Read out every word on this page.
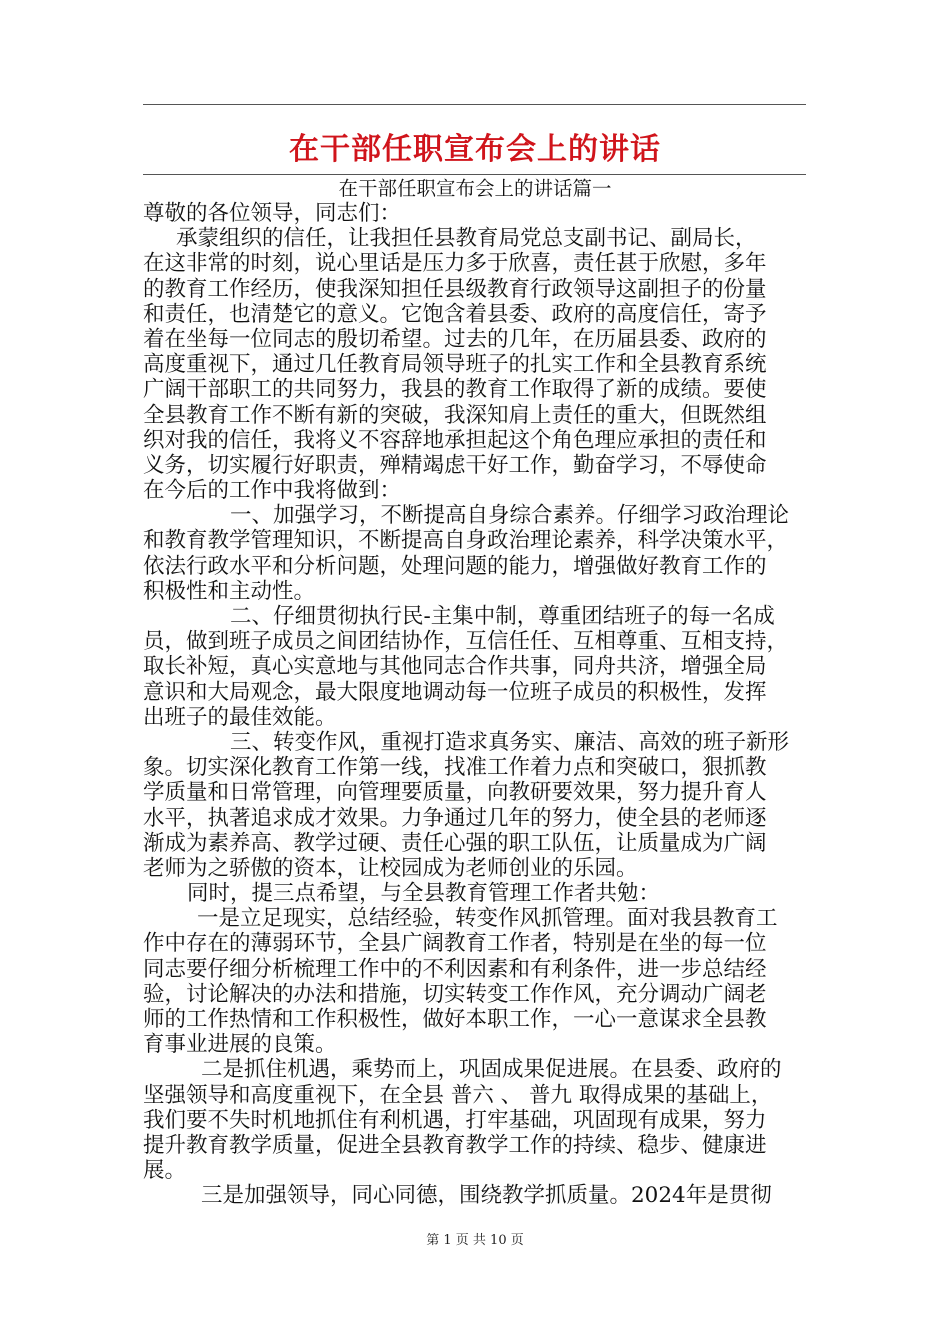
在干部任职宣布会上的讲话
在干部任职宣布会上的讲话篇一
尊敬的各位领导，同志们：
承蒙组织的信任，让我担任县教育局党总支副书记、副局长，
在这非常的时刻，说心里话是压力多于欣喜，责任甚于欣慰，多年
的教育工作经历，使我深知担任县级教育行政领导这副担子的份量
和责任，也清楚它的意义。它饱含着县委、政府的高度信任，寄予
着在坐每一位同志的殷切希望。过去的几年，在历届县委、政府的
高度重视下，通过几任教育局领导班子的扎实工作和全县教育系统
广阔干部职工的共同努力，我县的教育工作取得了新的成绩。要使
全县教育工作不断有新的突破，我深知肩上责任的重大，但既然组
织对我的信任，我将义不容辞地承担起这个角色理应承担的责任和
义务，切实履行好职责，殚精竭虑干好工作，勤奋学习，不辱使命
在今后的工作中我将做到：
一、加强学习，不断提高自身综合素养。仔细学习政治理论
和教育教学管理知识，不断提高自身政治理论素养，科学决策水平，
依法行政水平和分析问题，处理问题的能力，增强做好教育工作的
积极性和主动性。
二、仔细贯彻执行民-主集中制，尊重团结班子的每一名成
员，做到班子成员之间团结协作，互信任任、互相尊重、互相支持，
取长补短，真心实意地与其他同志合作共事，同舟共济，增强全局
意识和大局观念，最大限度地调动每一位班子成员的积极性，发挥
出班子的最佳效能。
三、转变作风，重视打造求真务实、廉洁、高效的班子新形
象。切实深化教育工作第一线，找准工作着力点和突破口，狠抓教
学质量和日常管理，向管理要质量，向教研要效果，努力提升育人
水平，执著追求成才效果。力争通过几年的努力，使全县的老师逐
渐成为素养高、教学过硬、责任心强的职工队伍，让质量成为广阔
老师为之骄傲的资本，让校园成为老师创业的乐园。
同时，提三点希望，与全县教育管理工作者共勉：
一是立足现实，总结经验，转变作风抓管理。面对我县教育工
作中存在的薄弱环节，全县广阔教育工作者，特别是在坐的每一位
同志要仔细分析梳理工作中的不利因素和有利条件，进一步总结经
验，讨论解决的办法和措施，切实转变工作作风，充分调动广阔老
师的工作热情和工作积极性，做好本职工作，一心一意谋求全县教
育事业进展的良策。
二是抓住机遇，乘势而上，巩固成果促进展。在县委、政府的
坚强领导和高度重视下，在全县 普六 、 普九 取得成果的基础上，
我们要不失时机地抓住有利机遇，打牢基础，巩固现有成果，努力
提升教育教学质量，促进全县教育教学工作的持续、稳步、健康进
展。
三是加强领导，同心同德，围绕教学抓质量。2024年是贯彻
第 1 页 共 10 页
